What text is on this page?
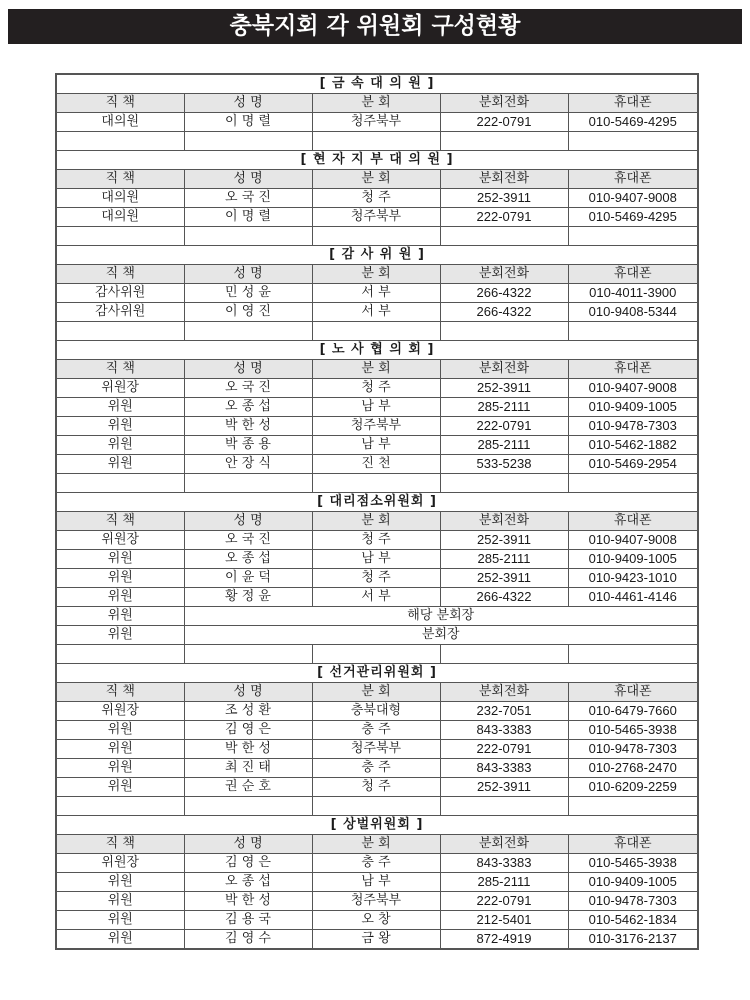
충북지회 각 위원회 구성현황
[ 금 속 대 의 원 ]				
직 책	성 명	분 회	분회전화	휴대폰
대의원	이 명 렬	청주북부	222-0791	010-5469-4295

[ 현 자 지 부 대 의 원 ]				
직 책	성 명	분 회	분회전화	휴대폰
대의원	오 국 진	청 주	252-3911	010-9407-9008
대의원	이 명 렬	청주북부	222-0791	010-5469-4295

[ 감 사 위 원 ]				
직 책	성 명	분 회	분회전화	휴대폰
감사위원	민 성 윤	서 부	266-4322	010-4011-3900
감사위원	이 영 진	서 부	266-4322	010-9408-5344

[ 노 사 협 의 회 ]				
직 책	성 명	분 회	분회전화	휴대폰
위원장	오 국 진	청 주	252-3911	010-9407-9008
위원	오 종 섭	남 부	285-2111	010-9409-1005
위원	박 한 성	청주북부	222-0791	010-9478-7303
위원	박 종 용	남 부	285-2111	010-5462-1882
위원	안 장 식	진 천	533-5238	010-5469-2954

[ 대리점소위원회 ]				
직 책	성 명	분 회	분회전화	휴대폰
위원장	오 국 진	청 주	252-3911	010-9407-9008
위원	오 종 섭	남 부	285-2111	010-9409-1005
위원	이 윤 덕	청 주	252-3911	010-9423-1010
위원	황 정 윤	서 부	266-4322	010-4461-4146
위원	해당 분회장			
위원	분회장			

[ 선거관리위원회 ]				
직 책	성 명	분 회	분회전화	휴대폰
위원장	조 성 환	충북대형	232-7051	010-6479-7660
위원	김 영 은	충 주	843-3383	010-5465-3938
위원	박 한 성	청주북부	222-0791	010-9478-7303
위원	최 진 태	충 주	843-3383	010-2768-2470
위원	권 순 호	청 주	252-3911	010-6209-2259

[ 상벌위원회 ]				
직 책	성 명	분 회	분회전화	휴대폰
위원장	김 영 은	충 주	843-3383	010-5465-3938
위원	오 종 섭	남 부	285-2111	010-9409-1005
위원	박 한 성	청주북부	222-0791	010-9478-7303
위원	김 용 국	오 창	212-5401	010-5462-1834
위원	김 영 수	금 왕	872-4919	010-3176-2137
